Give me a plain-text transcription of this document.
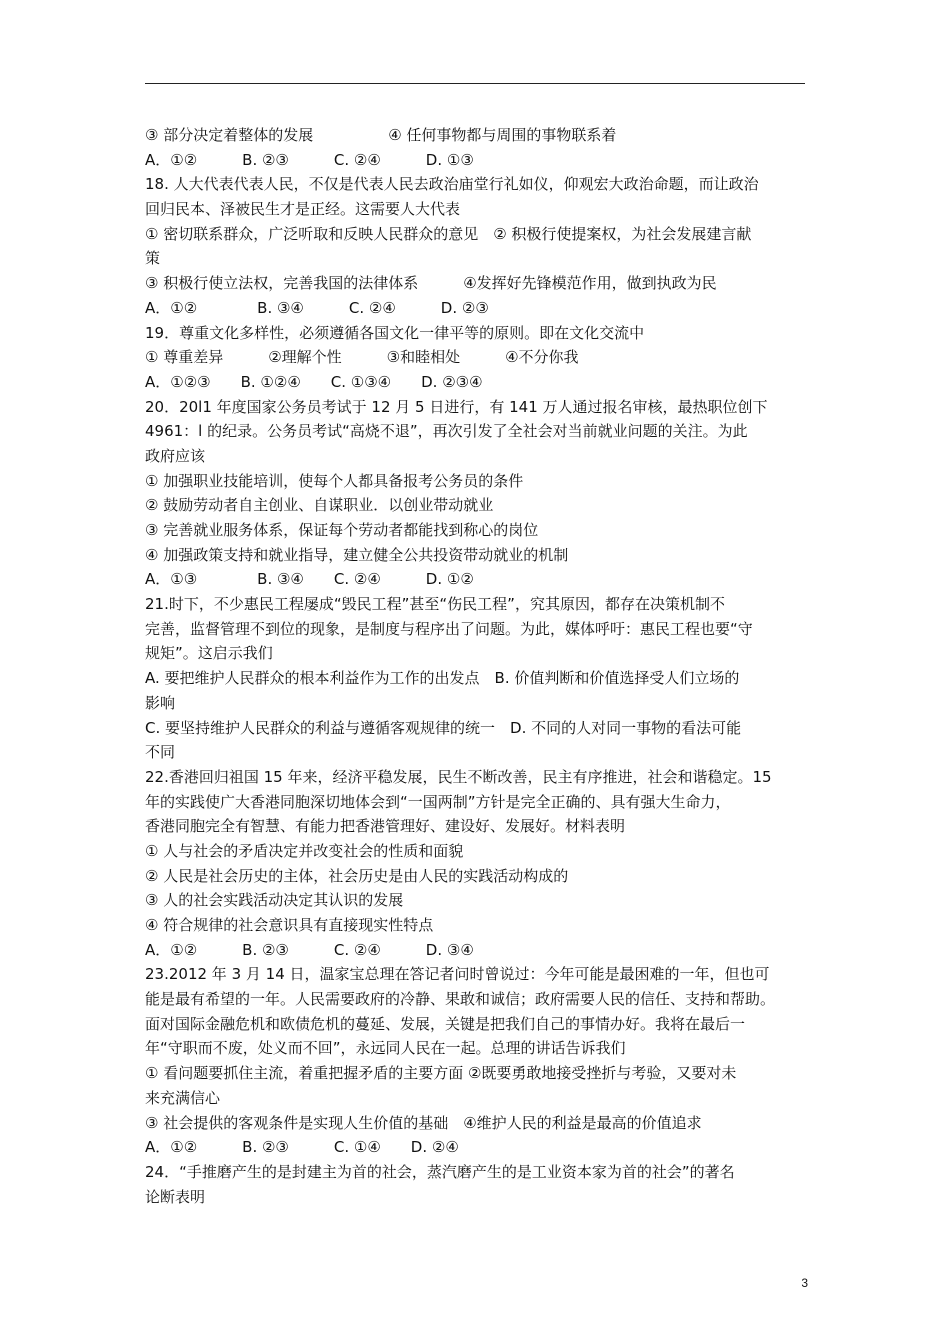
③ 部分决定着整体的发展　　　　　④ 任何事物都与周围的事物联系着
A．①②　　　B. ②③　　　C. ②④　　　D. ①③
18. 人大代表代表人民，不仅是代表人民去政治庙堂行礼如仪，仰观宏大政治命题，而让政治
回归民本、泽被民生才是正经。这需要人大代表
① 密切联系群众，广泛听取和反映人民群众的意见　② 积极行使提案权，为社会发展建言献
策
③ 积极行使立法权，完善我国的法律体系　　　④发挥好先锋模范作用，做到执政为民
A．①②　　　　B. ③④　　　C. ②④　　　D. ②③
19．尊重文化多样性，必须遵循各国文化一律平等的原则。即在文化交流中
① 尊重差异　　　②理解个性　　　③和睦相处　　　④不分你我
A．①②③　　B. ①②④　　C. ①③④　　D. ②③④
20．20l1 年度国家公务员考试于 12 月 5 日进行，有 141 万人通过报名审核，最热职位创下
4961：l 的纪录。公务员考试“高烧不退”，再次引发了全社会对当前就业问题的关注。为此
政府应该
① 加强职业技能培训，使每个人都具备报考公务员的条件
② 鼓励劳动者自主创业、自谋职业．以创业带动就业
③ 完善就业服务体系，保证每个劳动者都能找到称心的岗位
④ 加强政策支持和就业指导，建立健全公共投资带动就业的机制
A．①③　　　　B. ③④　　C. ②④　　　D. ①②
21.时下，不少惠民工程屡成“毁民工程”甚至“伤民工程”，究其原因，都存在决策机制不
完善，监督管理不到位的现象，是制度与程序出了问题。为此，媒体呼吁：惠民工程也要“守
规矩”。这启示我们
A. 要把维护人民群众的根本利益作为工作的出发点　B. 价值判断和价值选择受人们立场的
影响
C. 要坚持维护人民群众的利益与遵循客观规律的统一　D. 不同的人对同一事物的看法可能
不同
22.香港回归祖国 15 年来，经济平稳发展，民生不断改善，民主有序推进，社会和谐稳定。15
年的实践使广大香港同胞深切地体会到“一国两制”方针是完全正确的、具有强大生命力，
香港同胞完全有智慧、有能力把香港管理好、建设好、发展好。材料表明
① 人与社会的矛盾决定并改变社会的性质和面貌
② 人民是社会历史的主体，社会历史是由人民的实践活动构成的
③ 人的社会实践活动决定其认识的发展
④ 符合规律的社会意识具有直接现实性特点
A．①②　　　B. ②③　　　C. ②④　　　D. ③④
23.2012 年 3 月 14 日，温家宝总理在答记者问时曾说过：今年可能是最困难的一年，但也可
能是最有希望的一年。人民需要政府的冷静、果敢和诚信；政府需要人民的信任、支持和帮助。
面对国际金融危机和欧债危机的蔓延、发展，关键是把我们自己的事情办好。我将在最后一
年“守职而不废，处义而不回”，永远同人民在一起。总理的讲话告诉我们
① 看问题要抓住主流，着重把握矛盾的主要方面 ②既要勇敢地接受挫折与考验，又要对未
来充满信心
③ 社会提供的客观条件是实现人生价值的基础　④维护人民的利益是最高的价值追求
A．①②　　　B. ②③　　　C. ①④　　D. ②④
24．“手推磨产生的是封建主为首的社会，蒸汽磨产生的是工业资本家为首的社会”的著名
论断表明
3
